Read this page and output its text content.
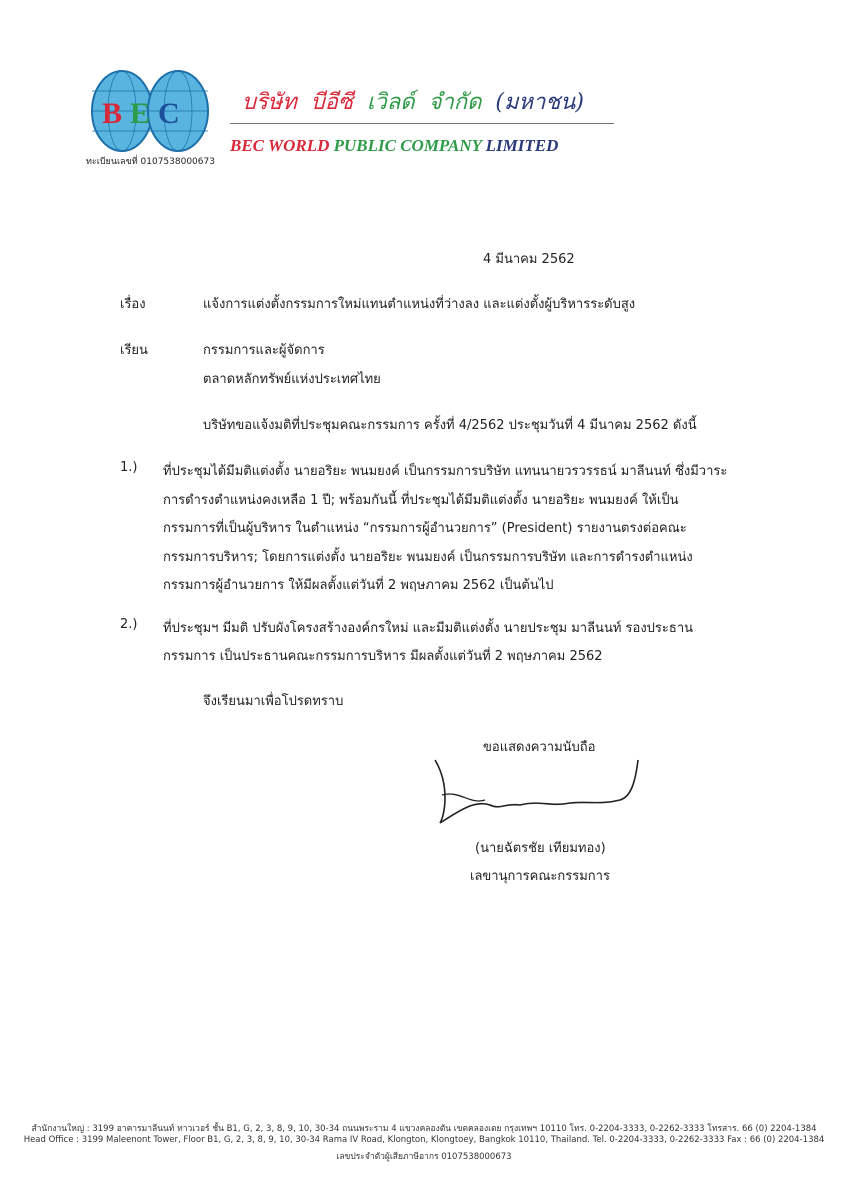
B E C
ทะเบียนเลขที่ 0107538000673
บริษัท บีอีซี เวิลด์ จำกัด (มหาชน)
BEC WORLD PUBLIC COMPANY LIMITED
4 มีนาคม 2562
เรื่อง	แจ้งการแต่งตั้งกรรมการใหม่แทนตำแหน่งที่ว่างลง และแต่งตั้งผู้บริหารระดับสูง
เรียน	กรรมการและผู้จัดการ
ตลาดหลักทรัพย์แห่งประเทศไทย
บริษัทขอแจ้งมติที่ประชุมคณะกรรมการ ครั้งที่ 4/2562 ประชุมวันที่ 4 มีนาคม 2562 ดังนี้
1.) ที่ประชุมได้มีมติแต่งตั้ง นายอริยะ พนมยงค์ เป็นกรรมการบริษัท แทนนายวรวรรธน์ มาลีนนท์ ซึ่งมีวาระ
การดำรงตำแหน่งคงเหลือ 1 ปี; พร้อมกันนี้ ที่ประชุมได้มีมติแต่งตั้ง นายอริยะ พนมยงค์ ให้เป็น
กรรมการที่เป็นผู้บริหาร ในตำแหน่ง “กรรมการผู้อำนวยการ” (President) รายงานตรงต่อคณะ
กรรมการบริหาร; โดยการแต่งตั้ง นายอริยะ พนมยงค์ เป็นกรรมการบริษัท และการดำรงตำแหน่ง
กรรมการผู้อำนวยการ ให้มีผลตั้งแต่วันที่ 2 พฤษภาคม 2562 เป็นต้นไป
2.) ที่ประชุมฯ มีมติ ปรับผังโครงสร้างองค์กรใหม่ และมีมติแต่งตั้ง นายประชุม มาลีนนท์ รองประธาน
กรรมการ เป็นประธานคณะกรรมการบริหาร มีผลตั้งแต่วันที่ 2 พฤษภาคม 2562
จึงเรียนมาเพื่อโปรดทราบ
ขอแสดงความนับถือ
(นายฉัตรชัย เทียมทอง)
เลขานุการคณะกรรมการ
สำนักงานใหญ่ : 3199 อาคารมาลีนนท์ ทาวเวอร์ ชั้น B1, G, 2, 3, 8, 9, 10, 30-34 ถนนพระราม 4 แขวงคลองตัน เขตคลองเตย กรุงเทพฯ 10110 โทร. 0-2204-3333, 0-2262-3333 โทรสาร. 66 (0) 2204-1384
Head Office : 3199 Maleenont Tower, Floor B1, G, 2, 3, 8, 9, 10, 30-34 Rama IV Road, Klongton, Klongtoey, Bangkok 10110, Thailand. Tel. 0-2204-3333, 0-2262-3333 Fax : 66 (0) 2204-1384
เลขประจำตัวผู้เสียภาษีอากร 0107538000673
